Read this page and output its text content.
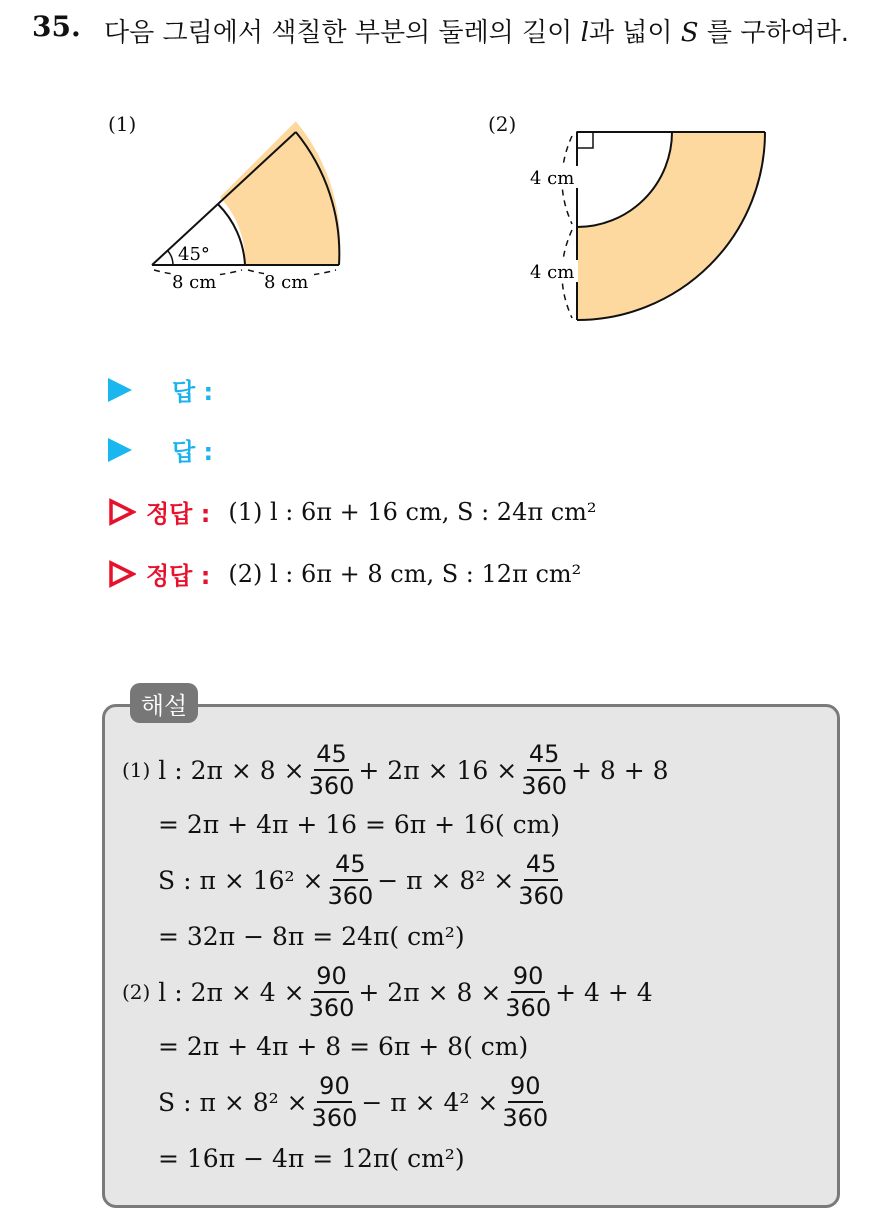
35. 다음 그림에서 색칠한 부분의 둘레의 길이 l과 넓이 S 를 구하여라.
(1)
45°
8 cm	8 cm
(2)
4 cm
4 cm
답 :
답 :
정답 : (1) l : 6π + 16 cm, S : 24π cm²
정답 : (2) l : 6π + 8 cm, S : 12π cm²
해설
(1)
l : $2\pi \times 8 \times \frac{45}{360} + 2\pi \times 16 \times \frac{45}{360} + 8 + 8$
= 2π + 4π + 16 = 6π + 16( cm)
S : $\pi \times 16^2 \times \frac{45}{360} - \pi \times 8^2 \times \frac{45}{360}$
= 32π − 8π = 24π( cm²)
(2)
l : $2\pi \times 4 \times \frac{90}{360} + 2\pi \times 8 \times \frac{90}{360} + 4 + 4$
= 2π + 4π + 8 = 6π + 8( cm)
S : $\pi \times 8^2 \times \frac{90}{360} - \pi \times 4^2 \times \frac{90}{360}$
= 16π − 4π = 12π( cm²)
